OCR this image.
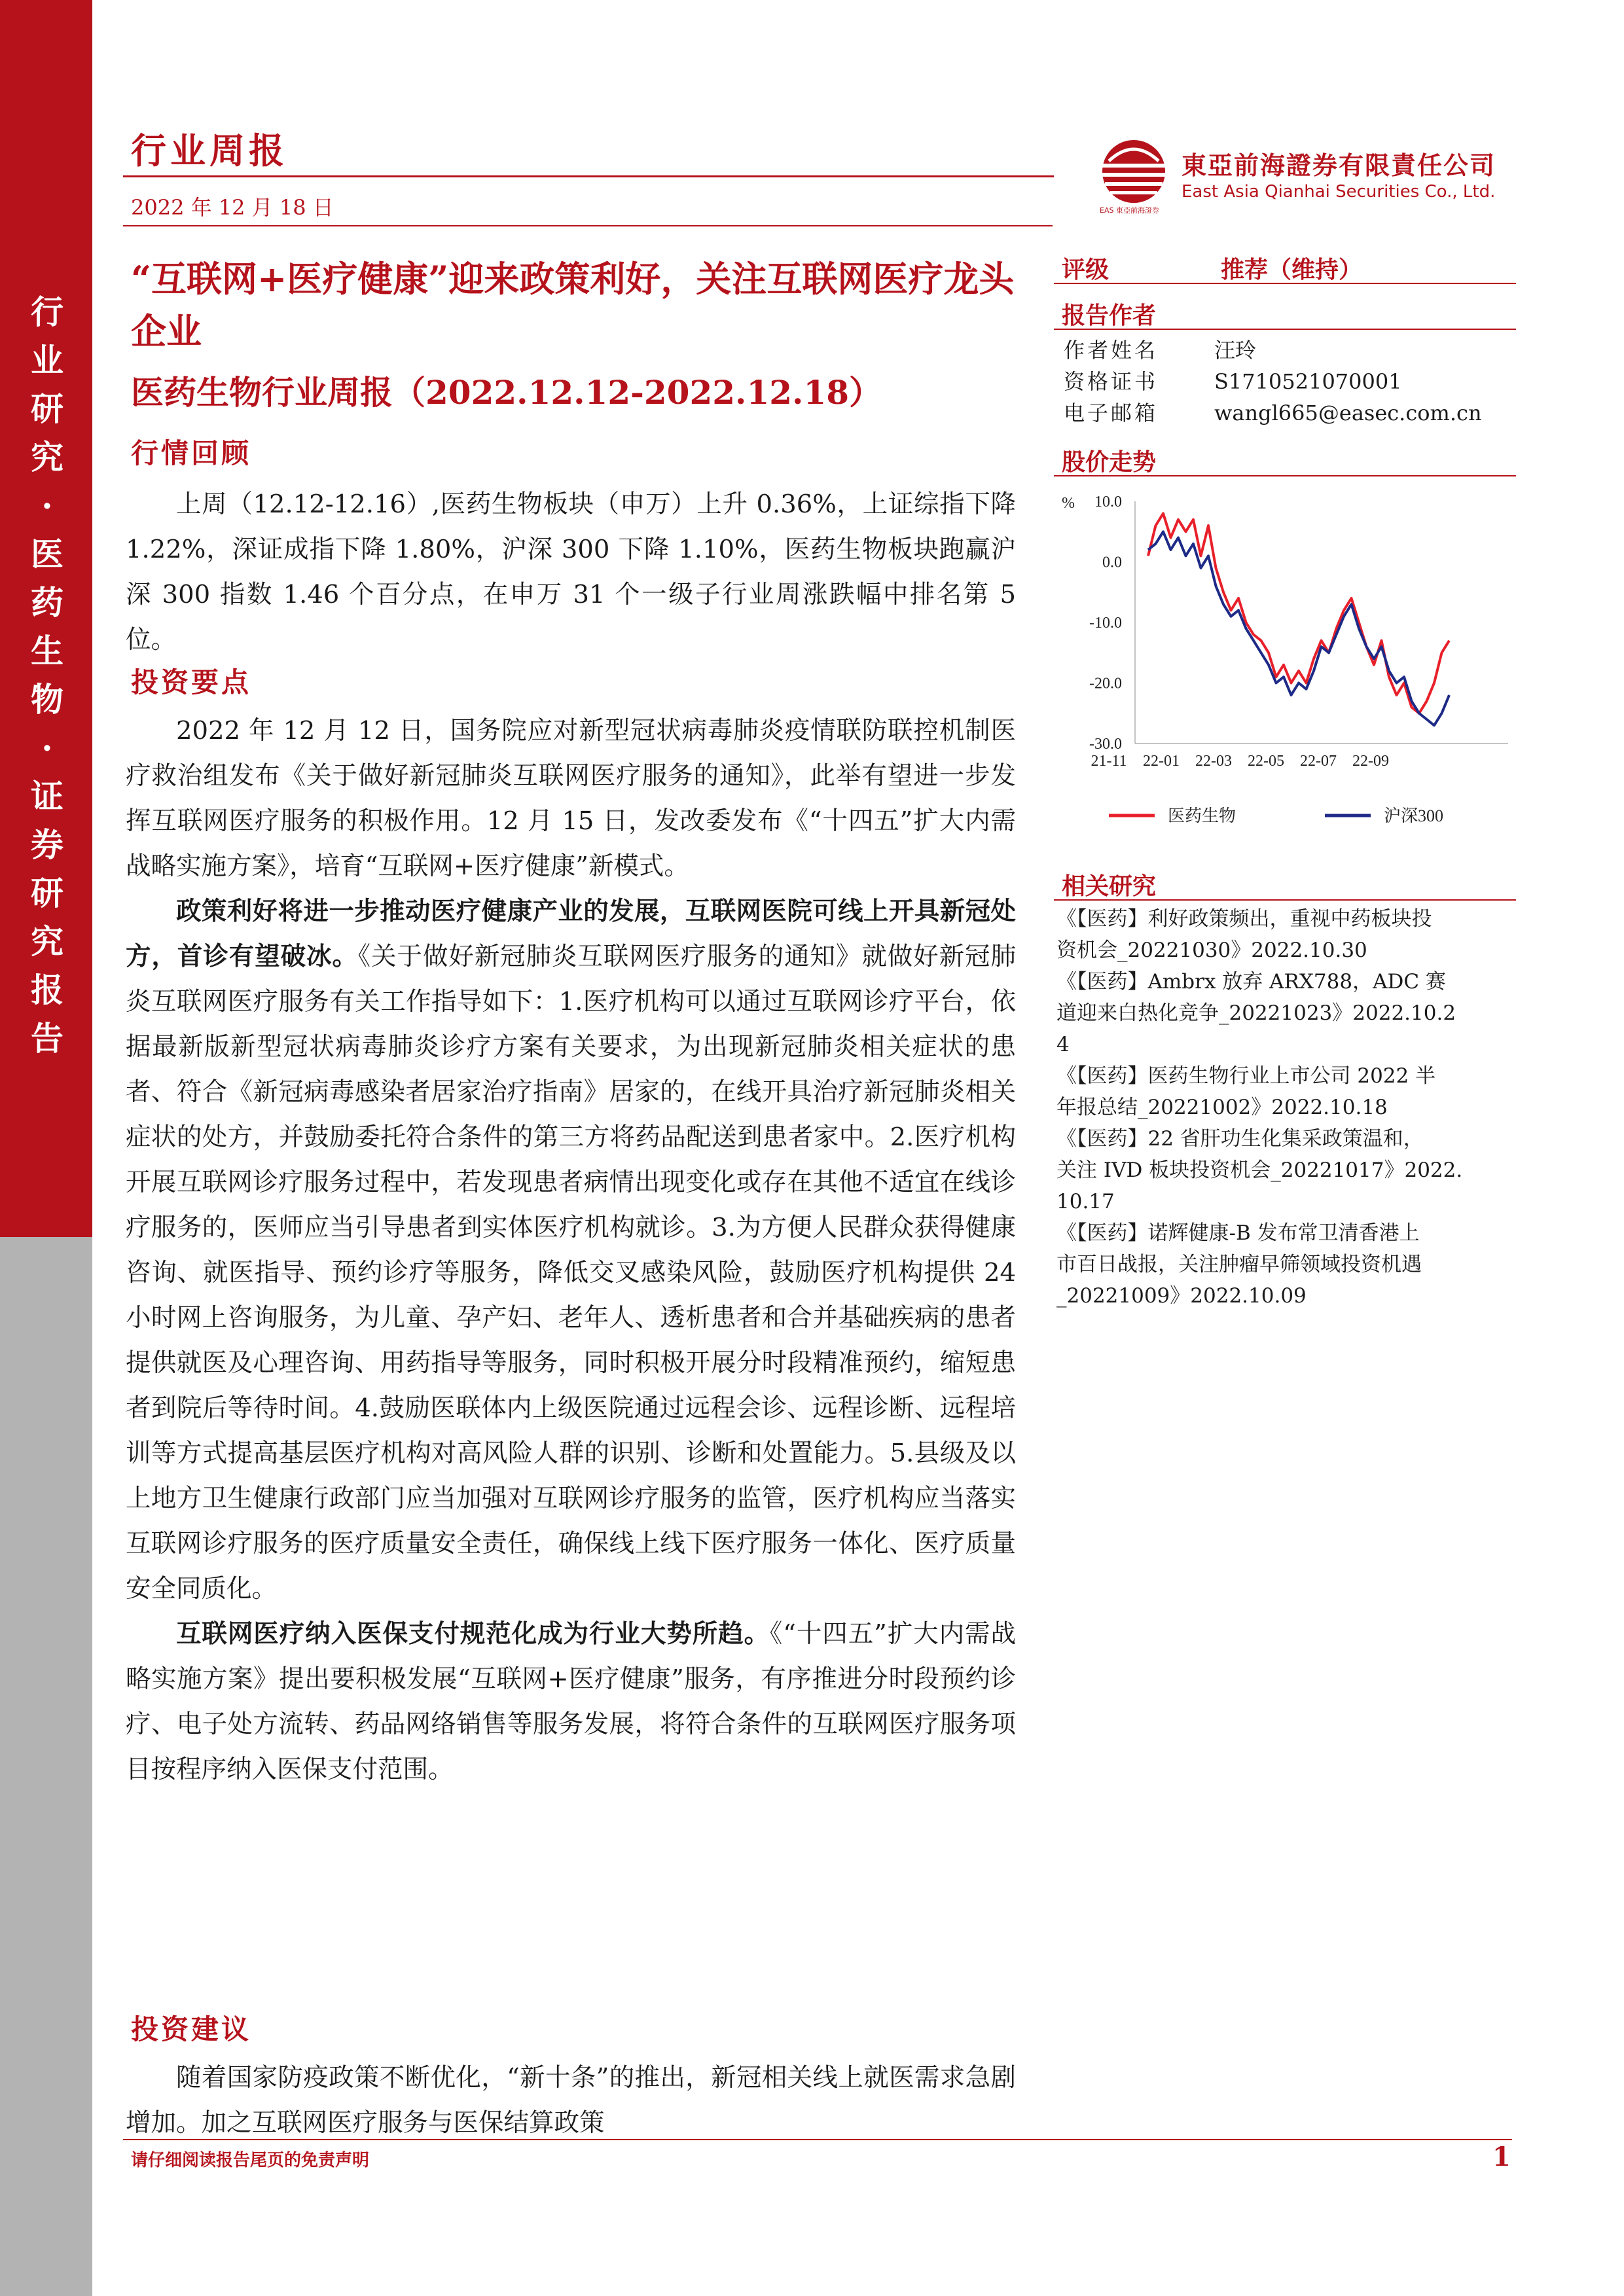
行
业
研
究
·
医
药
生
物
·
证
券
研
究
报
告
行业周报
2022 年 12 月 18 日
東亞前海證券有限責任公司
East Asia Qianhai Securities Co., Ltd.
EAS 東亞前海證券
“互联网+医疗健康”迎来政策利好，关注互联网医疗龙头企业
医药生物行业周报（2022.12.12-2022.12.18）
行情回顾

上周（12.12-12.16）,医药生物板块（申万）上升 0.36%，上证综指下降 1.22%，深证成指下降 1.80%，沪深 300 下降 1.10%，医药生物板块跑赢沪深 300 指数 1.46 个百分点，在申万 31 个一级子行业周涨跌幅中排名第 5 位。

投资要点

2022 年 12 月 12 日，国务院应对新型冠状病毒肺炎疫情联防联控机制医疗救治组发布《关于做好新冠肺炎互联网医疗服务的通知》，此举有望进一步发挥互联网医疗服务的积极作用。12 月 15 日，发改委发布《“十四五”扩大内需战略实施方案》，培育“互联网+医疗健康”新模式。

政策利好将进一步推动医疗健康产业的发展，互联网医院可线上开具新冠处方，首诊有望破冰。《关于做好新冠肺炎互联网医疗服务的通知》就做好新冠肺炎互联网医疗服务有关工作指导如下：1.医疗机构可以通过互联网诊疗平台，依据最新版新型冠状病毒肺炎诊疗方案有关要求，为出现新冠肺炎相关症状的患者、符合《新冠病毒感染者居家治疗指南》居家的，在线开具治疗新冠肺炎相关症状的处方，并鼓励委托符合条件的第三方将药品配送到患者家中。2.医疗机构开展互联网诊疗服务过程中，若发现患者病情出现变化或存在其他不适宜在线诊疗服务的，医师应当引导患者到实体医疗机构就诊。3.为方便人民群众获得健康咨询、就医指导、预约诊疗等服务，降低交叉感染风险，鼓励医疗机构提供 24 小时网上咨询服务，为儿童、孕产妇、老年人、透析患者和合并基础疾病的患者提供就医及心理咨询、用药指导等服务，同时积极开展分时段精准预约，缩短患者到院后等待时间。4.鼓励医联体内上级医院通过远程会诊、远程诊断、远程培训等方式提高基层医疗机构对高风险人群的识别、诊断和处置能力。5.县级及以上地方卫生健康行政部门应当加强对互联网诊疗服务的监管，医疗机构应当落实互联网诊疗服务的医疗质量安全责任，确保线上线下医疗服务一体化、医疗质量安全同质化。

互联网医疗纳入医保支付规范化成为行业大势所趋。《“十四五”扩大内需战略实施方案》提出要积极发展“互联网+医疗健康”服务，有序推进分时段预约诊疗、电子处方流转、药品网络销售等服务发展，将符合条件的互联网医疗服务项目按程序纳入医保支付范围。

投资建议

随着国家防疫政策不断优化，“新十条”的推出，新冠相关线上就医需求急剧增加。加之互联网医疗服务与医保结算政策

评级	推荐（维持）
报告作者
作者姓名	汪玲
资格证书	S1710521070001
电子邮箱	wangl665@easec.com.cn
股价走势
% 10.0
0.0
-10.0
-20.0
-30.0
21-11 22-01 22-03 22-05 22-07 22-09
医药生物	沪深300
相关研究
《【医药】利好政策频出，重视中药板块投
资机会_20221030》2022.10.30
《【医药】Ambrx 放弃 ARX788，ADC 赛
道迎来白热化竞争_20221023》2022.10.2
4
《【医药】医药生物行业上市公司 2022 半
年报总结_20221002》2022.10.18
《【医药】22 省肝功生化集采政策温和，
关注 IVD 板块投资机会_20221017》2022.
10.17
《【医药】诺辉健康-B 发布常卫清香港上
市百日战报，关注肿瘤早筛领域投资机遇
_20221009》2022.10.09
请仔细阅读报告尾页的免责声明	1
